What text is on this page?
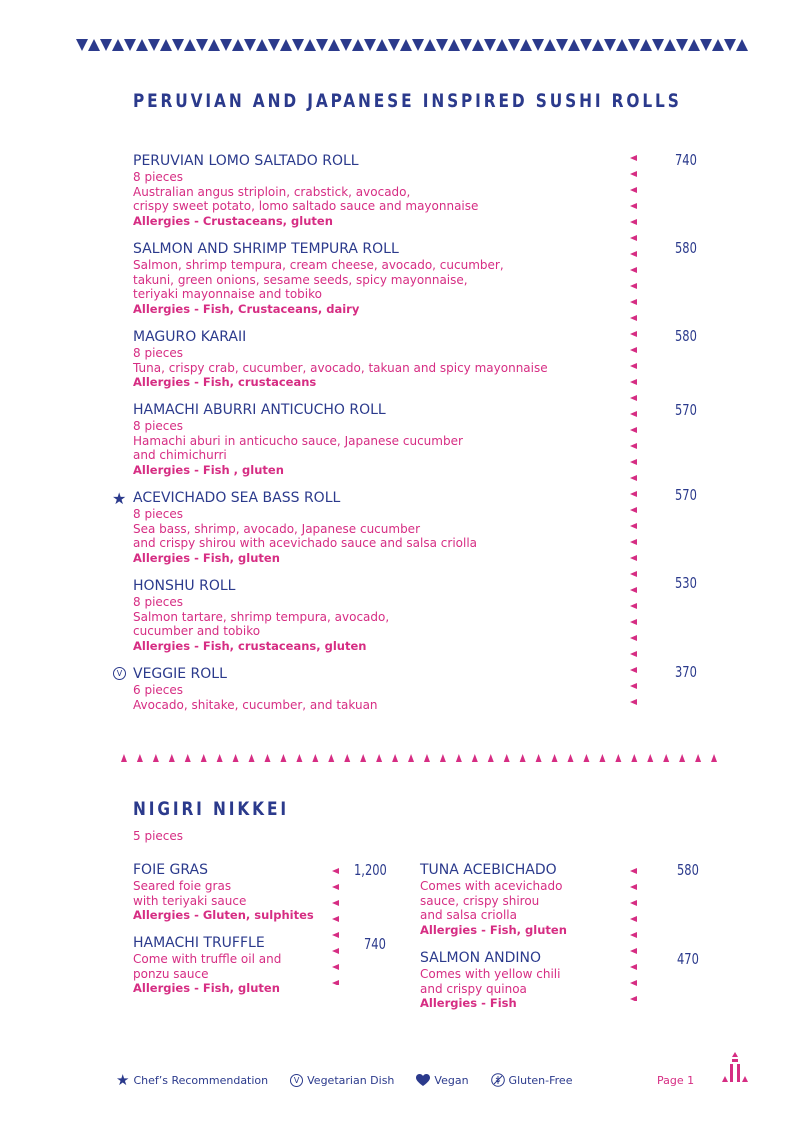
PERUVIAN AND JAPANESE INSPIRED SUSHI ROLLS
PERUVIAN LOMO SALTADO ROLL
8 pieces
Australian angus striploin, crabstick, avocado,
crispy sweet potato, lomo saltado sauce and mayonnaise
Allergies - Crustaceans, gluten
740
SALMON AND SHRIMP TEMPURA ROLL
Salmon, shrimp tempura, cream cheese, avocado, cucumber,
takuni, green onions, sesame seeds, spicy mayonnaise,
teriyaki mayonnaise and tobiko
Allergies - Fish, Crustaceans, dairy
580
MAGURO KARAII
8 pieces
Tuna, crispy crab, cucumber, avocado, takuan and spicy mayonnaise
Allergies - Fish, crustaceans
580
HAMACHI ABURRI ANTICUCHO ROLL
8 pieces
Hamachi aburi in anticucho sauce, Japanese cucumber
and chimichurri
Allergies - Fish , gluten
570
★ ACEVICHADO SEA BASS ROLL
8 pieces
Sea bass, shrimp, avocado, Japanese cucumber
and crispy shirou with acevichado sauce and salsa criolla
Allergies - Fish, gluten
570
HONSHU ROLL
8 pieces
Salmon tartare, shrimp tempura, avocado,
cucumber and tobiko
Allergies - Fish, crustaceans, gluten
530
V VEGGIE ROLL
6 pieces
Avocado, shitake, cucumber, and takuan
370
NIGIRI NIKKEI
5 pieces
FOIE GRAS
Seared foie gras
with teriyaki sauce
Allergies - Gluten, sulphites
1,200
HAMACHI TRUFFLE
Come with truffle oil and
ponzu sauce
Allergies - Fish, gluten
740
TUNA ACEBICHADO
Comes with acevichado
sauce, crispy shirou
and salsa criolla
Allergies - Fish, gluten
580
SALMON ANDINO
Comes with yellow chili
and crispy quinoa
Allergies - Fish
470
★ Chef’s Recommendation	V Vegetarian Dish	Vegan	Gluten-Free	Page 1
